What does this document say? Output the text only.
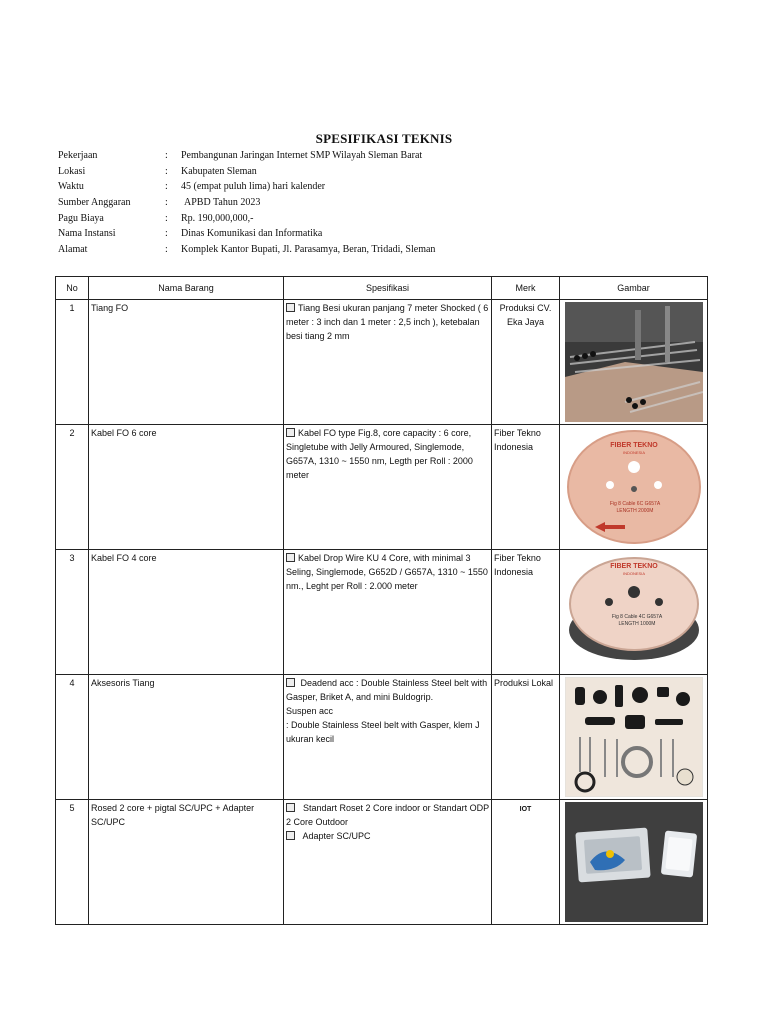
SPESIFIKASI TEKNIS
Pekerjaan	:	Pembangunan Jaringan Internet SMP Wilayah Sleman Barat
Lokasi	:	Kabupaten Sleman
Waktu	:	45 (empat puluh lima) hari kalender
Sumber Anggaran	:	APBD Tahun 2023
Pagu Biaya	:	Rp. 190,000,000,-
Nama Instansi	:	Dinas Komunikasi dan Informatika
Alamat	:	Komplek Kantor Bupati, Jl. Parasamya, Beran, Tridadi, Sleman
No	Nama Barang	Spesifikasi	Merk	Gambar
1	Tiang FO	Tiang Besi ukuran panjang 7 meter Shocked ( 6 meter : 3 inch dan 1 meter : 2,5 inch ), ketebalan besi tiang 2 mm	Produksi CV. Eka Jaya	

2	Kabel FO 6 core	Kabel FO type Fig.8, core capacity : 6 core, Singletube with Jelly Armoured, Singlemode, G657A, 1310 ~ 1550 nm, Legth per Roll : 2000 meter	Fiber Tekno Indonesia	FIBER TEKNO
INDONESIA
Fig 8 Cable 6C G657A
LENGTH 2000M

3	Kabel FO 4 core	Kabel Drop Wire KU 4 Core, with minimal 3 Seling, Singlemode, G652D / G657A, 1310 ~ 1550 nm., Leght per Roll : 2.000 meter	Fiber Tekno Indonesia	FIBER TEKNO
INDONESIA
Fig 8 Cable 4C G657A
LENGTH 1000M

4	Aksesoris Tiang	Deadend acc : Double Stainless Steel belt with Gasper, Briket A, and mini Buldogrip.
Suspen acc
: Double Stainless Steel belt with Gasper, klem J ukuran kecil	Produksi Lokal	

5	Rosed 2 core + pigtal SC/UPC + Adapter SC/UPC	Standart Roset 2 Core indoor or Standart ODP 2 Core Outdoor
Adapter SC/UPC	IOT	
